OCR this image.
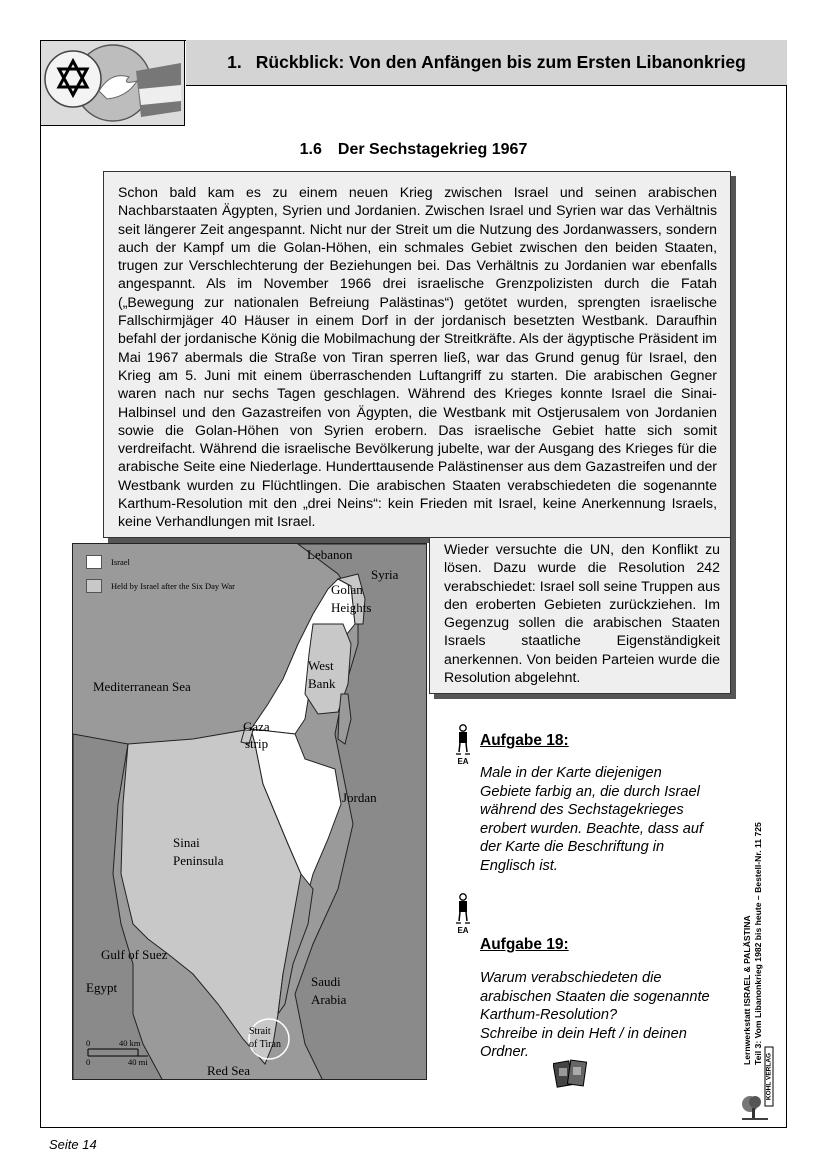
1. Rückblick: Von den Anfängen bis zum Ersten Libanonkrieg
1.6 Der Sechstagekrieg 1967
Schon bald kam es zu einem neuen Krieg zwischen Israel und seinen arabischen Nachbarstaaten Ägypten, Syrien und Jordanien. Zwischen Israel und Syrien war das Verhältnis seit längerer Zeit angespannt. Nicht nur der Streit um die Nutzung des Jordanwassers, sondern auch der Kampf um die Golan-Höhen, ein schmales Gebiet zwischen den beiden Staaten, trugen zur Verschlechterung der Beziehungen bei. Das Verhältnis zu Jordanien war ebenfalls angespannt. Als im November 1966 drei israelische Grenzpolizisten durch die Fatah („Bewegung zur nationalen Befreiung Palästinas“) getötet wurden, sprengten israelische Fallschirmjäger 40 Häuser in einem Dorf in der jordanisch besetzten Westbank. Daraufhin befahl der jordanische König die Mobilmachung der Streitkräfte. Als der ägyptische Präsident im Mai 1967 abermals die Straße von Tiran sperren ließ, war das Grund genug für Israel, den Krieg am 5. Juni mit einem überraschenden Luftangriff zu starten. Die arabischen Gegner waren nach nur sechs Tagen geschlagen. Während des Krieges konnte Israel die Sinai-Halbinsel und den Gazastreifen von Ägypten, die Westbank mit Ostjerusalem von Jordanien sowie die Golan-Höhen von Syrien erobern. Das israelische Gebiet hatte sich somit verdreifacht. Während die israelische Bevölkerung jubelte, war der Ausgang des Krieges für die arabische Seite eine Niederlage. Hunderttausende Palästinenser aus dem Gazastreifen und der Westbank wurden zu Flüchtlingen. Die arabischen Staaten verabschiedeten die sogenannte Karthum-Resolution mit den „drei Neins“: kein Frieden mit Israel, keine Anerkennung Israels, keine Verhandlungen mit Israel.
Wieder versuchte die UN, den Konflikt zu lösen. Dazu wurde die Resolution 242 verabschiedet: Israel soll seine Truppen aus den eroberten Gebieten zurückziehen. Im Gegenzug sollen die arabischen Staaten Israels staatliche Eigenständigkeit anerkennen. Von beiden Parteien wurde die Resolution abgelehnt.
Israel
Held by Israel after the Six Day War
Lebanon
Syria
Golan
Heights
West
Bank
Mediterranean Sea
Gaza
strip
Jordan
Sinai
Peninsula
Gulf of Suez
Egypt	Saudi
Arabia
Strait
of Tiran
Red Sea
0	40 km
0	40 mi
EA
Aufgabe 18:
Male in der Karte diejenigen
Gebiete farbig an, die durch Israel
während des Sechstagekrieges
erobert wurden. Beachte, dass auf
der Karte die Beschriftung in
Englisch ist.
EA
Aufgabe 19:
Warum verabschiedeten die
arabischen Staaten die sogenannte
Karthum-Resolution?
Schreibe in dein Heft / in deinen
Ordner.	Lernwerkstatt ISRAEL & PALÄSTINA Teil 3: Vom Libanonkrieg 1982 bis heute – Bestell-Nr. 11 725
KOHL VERLAG
Seite 14
